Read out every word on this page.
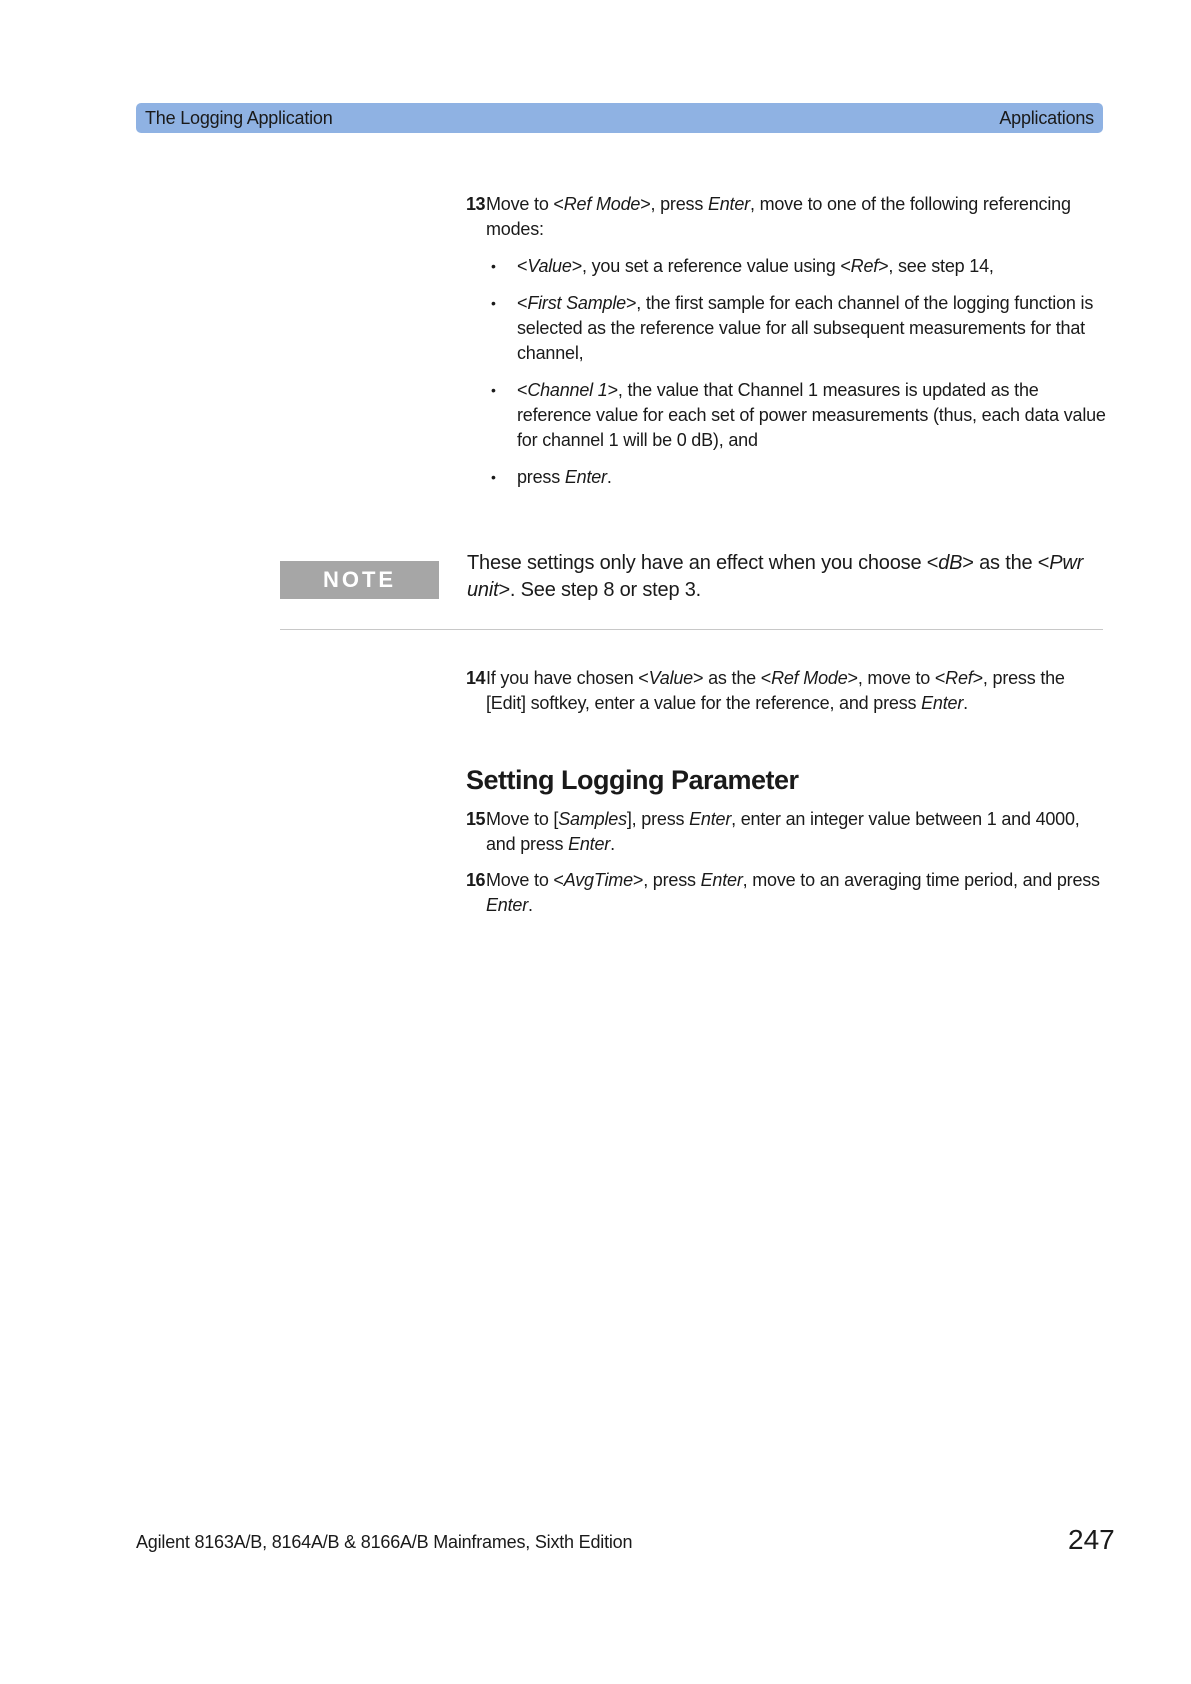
The Logging Application	Applications

13 Move to <Ref Mode>, press Enter, move to one of the following referencing modes:

• <Value>, you set a reference value using <Ref>, see step 14,
• <First Sample>, the first sample for each channel of the logging function is selected as the reference value for all subsequent measurements for that channel,
• <Channel 1>, the value that Channel 1 measures is updated as the reference value for each set of power measurements (thus, each data value for channel 1 will be 0 dB), and
• press Enter.
NOTE
These settings only have an effect when you choose <dB> as the <Pwr unit>. See step 8 or step 3.

14 If you have chosen <Value> as the <Ref Mode>, move to <Ref>, press the [Edit] softkey, enter a value for the reference, and press Enter.

Setting Logging Parameter

15 Move to [Samples], press Enter, enter an integer value between 1 and 4000, and press Enter.

16 Move to <AvgTime>, press Enter, move to an averaging time period, and press Enter.

Agilent 8163A/B, 8164A/B & 8166A/B Mainframes, Sixth Edition	247
